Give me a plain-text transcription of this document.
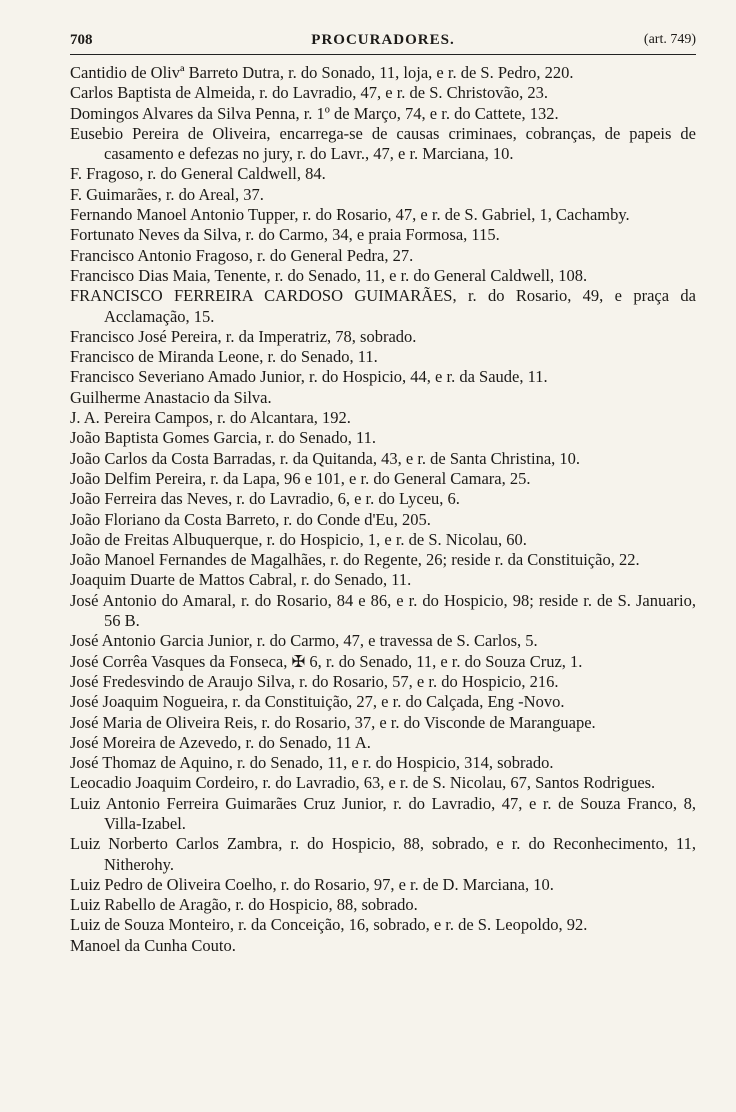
708	PROCURADORES.	(art. 749)
Cantidio de Olivª Barreto Dutra, r. do Sonado, 11, loja, e r. de S. Pedro, 220.
Carlos Baptista de Almeida, r. do Lavradio, 47, e r. de S. Christovão, 23.
Domingos Alvares da Silva Penna, r. 1º de Março, 74, e r. do Cattete, 132.
Eusebio Pereira de Oliveira, encarrega-se de causas criminaes, cobranças, de papeis de casamento e defezas no jury, r. do Lavr., 47, e r. Marciana, 10.
F. Fragoso, r. do General Caldwell, 84.
F. Guimarães, r. do Areal, 37.
Fernando Manoel Antonio Tupper, r. do Rosario, 47, e r. de S. Gabriel, 1, Cachamby.
Fortunato Neves da Silva, r. do Carmo, 34, e praia Formosa, 115.
Francisco Antonio Fragoso, r. do General Pedra, 27.
Francisco Dias Maia, Tenente, r. do Senado, 11, e r. do General Caldwell, 108.
FRANCISCO FERREIRA CARDOSO GUIMARÃES, r. do Rosario, 49, e praça da Acclamação, 15.
Francisco José Pereira, r. da Imperatriz, 78, sobrado.
Francisco de Miranda Leone, r. do Senado, 11.
Francisco Severiano Amado Junior, r. do Hospicio, 44, e r. da Saude, 11.
Guilherme Anastacio da Silva.
J. A. Pereira Campos, r. do Alcantara, 192.
João Baptista Gomes Garcia, r. do Senado, 11.
João Carlos da Costa Barradas, r. da Quitanda, 43, e r. de Santa Christina, 10.
João Delfim Pereira, r. da Lapa, 96 e 101, e r. do General Camara, 25.
João Ferreira das Neves, r. do Lavradio, 6, e r. do Lyceu, 6.
João Floriano da Costa Barreto, r. do Conde d'Eu, 205.
João de Freitas Albuquerque, r. do Hospicio, 1, e r. de S. Nicolau, 60.
João Manoel Fernandes de Magalhães, r. do Regente, 26; reside r. da Constituição, 22.
Joaquim Duarte de Mattos Cabral, r. do Senado, 11.
José Antonio do Amaral, r. do Rosario, 84 e 86, e r. do Hospicio, 98; reside r. de S. Januario, 56 B.
José Antonio Garcia Junior, r. do Carmo, 47, e travessa de S. Carlos, 5.
José Corrêa Vasques da Fonseca, ✠ 6, r. do Senado, 11, e r. do Souza Cruz, 1.
José Fredesvindo de Araujo Silva, r. do Rosario, 57, e r. do Hospicio, 216.
José Joaquim Nogueira, r. da Constituição, 27, e r. do Calçada, Eng -Novo.
José Maria de Oliveira Reis, r. do Rosario, 37, e r. do Visconde de Maranguape.
José Moreira de Azevedo, r. do Senado, 11 A.
José Thomaz de Aquino, r. do Senado, 11, e r. do Hospicio, 314, sobrado.
Leocadio Joaquim Cordeiro, r. do Lavradio, 63, e r. de S. Nicolau, 67, Santos Rodrigues.
Luiz Antonio Ferreira Guimarães Cruz Junior, r. do Lavradio, 47, e r. de Souza Franco, 8, Villa-Izabel.
Luiz Norberto Carlos Zambra, r. do Hospicio, 88, sobrado, e r. do Reconhecimento, 11, Nitherohy.
Luiz Pedro de Oliveira Coelho, r. do Rosario, 97, e r. de D. Marciana, 10.
Luiz Rabello de Aragão, r. do Hospicio, 88, sobrado.
Luiz de Souza Monteiro, r. da Conceição, 16, sobrado, e r. de S. Leopoldo, 92.
Manoel da Cunha Couto.
